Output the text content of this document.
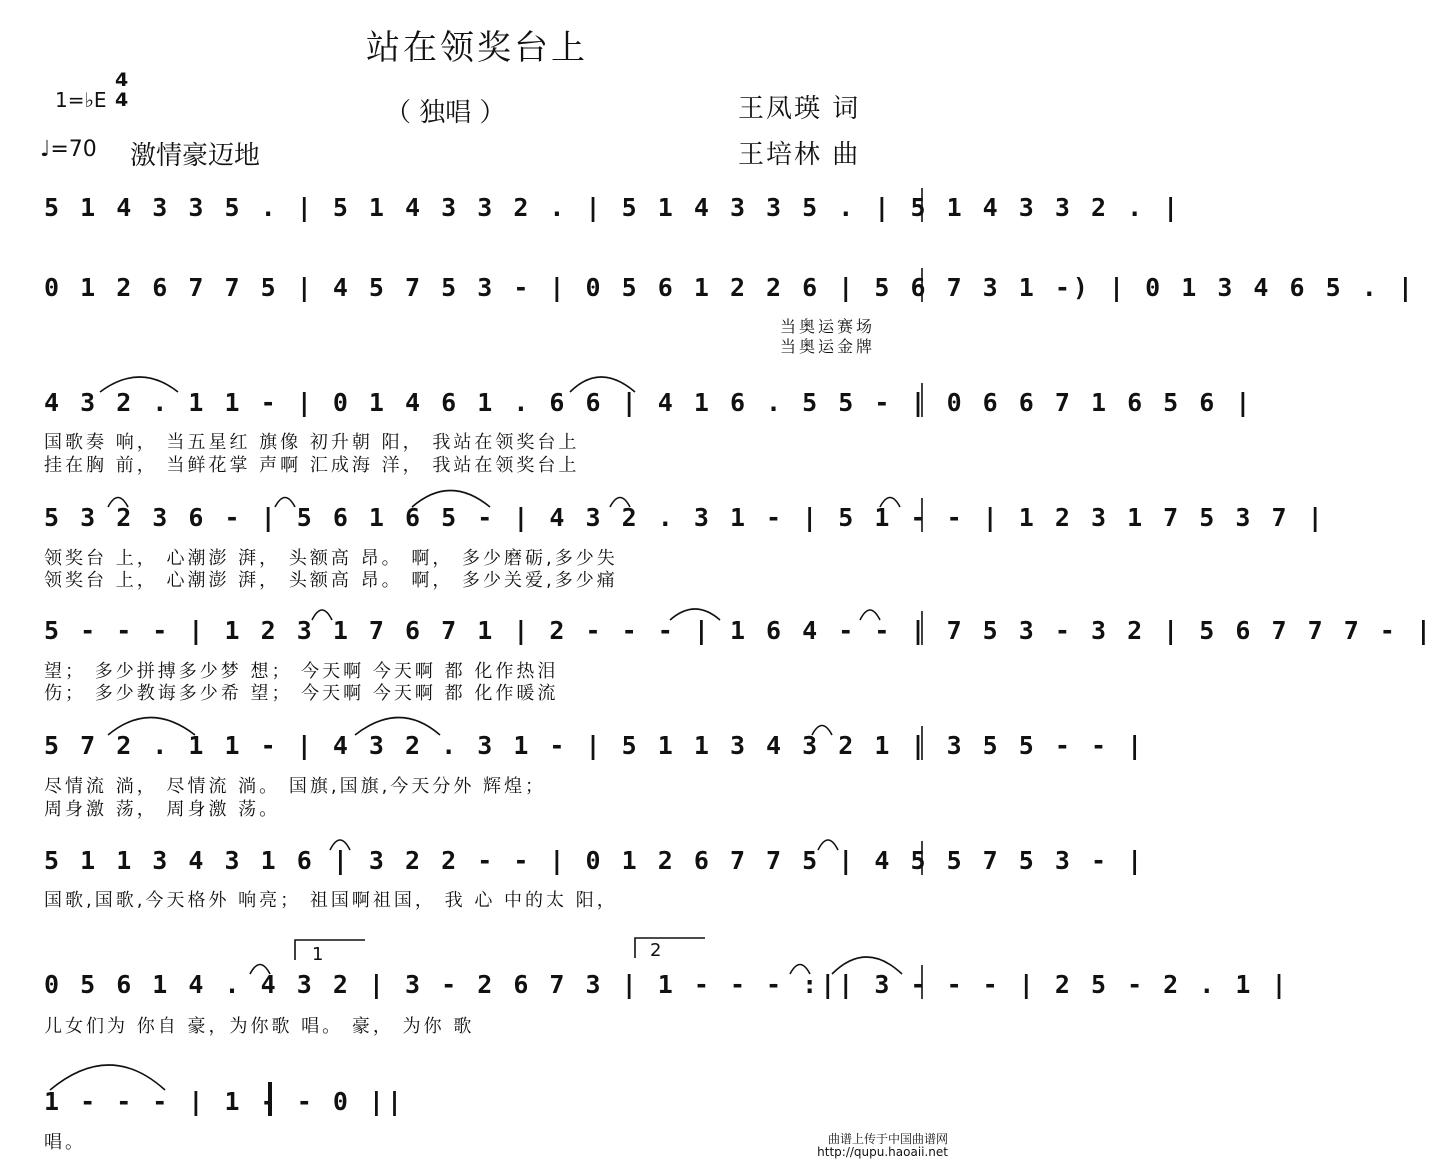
站在领奖台上
（ 独唱 ）
1=♭E
4
4
♩=70 激情豪迈地
王凤瑛 词
王培林 曲
5 1 4 3 3 5 . | 5 1 4 3 3 2 . | 5 1 4 3 3 5 . | 5 1 4 3 3 2 . |
0 1 2 6 7 7 5 | 4 5 7 5 3 - | 0 5 6 1 2 2 6 | 5 6 7 3 1 -) | 0 1 3 4 6 5 . |
当奥运赛场
当奥运金牌
4 3 2 . 1 1 - | 0 1 4 6 1 . 6 6 | 4 1 6 . 5 5 - | 0 6 6 7 1 6 5 6 |
国歌奏 响， 当五星红 旗像 初升朝 阳， 我站在领奖台上
挂在胸 前， 当鲜花掌 声啊 汇成海 洋， 我站在领奖台上
5 3 2 3 6 - | 5 6 1 6 5 - | 4 3 2 . 3 1 - | 5 1 - - | 1 2 3 1 7 5 3 7 |
领奖台 上， 心潮澎 湃， 头额高 昂。 啊， 多少磨砺,多少失
领奖台 上， 心潮澎 湃， 头额高 昂。 啊， 多少关爱,多少痛
5 - - - | 1 2 3 1 7 6 7 1 | 2 - - - | 1 6 4 - - | 7 5 3 - 3 2 | 5 6 7 7 7 - |
望； 多少拼搏多少梦 想； 今天啊 今天啊 都 化作热泪
伤； 多少教诲多少希 望； 今天啊 今天啊 都 化作暖流
5 7 2 . 1 1 - | 4 3 2 . 3 1 - | 5 1 1 3 4 3 2 1 | 3 5 5 - - |
尽情流 淌， 尽情流 淌。 国旗,国旗,今天分外 辉煌；
周身激 荡， 周身激 荡。
5 1 1 3 4 3 1 6 | 3 2 2 - - | 0 1 2 6 7 7 5 | 4 5 5 7 5 3 - |
国歌,国歌,今天格外 响亮； 祖国啊祖国， 我 心 中的太 阳，
1	2
0 5 6 1 4 . 4 3 2 | 3 - 2 6 7 3 | 1 - - - :|| 3 - - - | 2 5 - 2 . 1 |
儿女们为 你自 豪，为你歌 唱。 豪， 为你 歌
1 - - - | 1 - - 0 ||
唱。	曲谱上传于中国曲谱网
http://qupu.haoaii.net
